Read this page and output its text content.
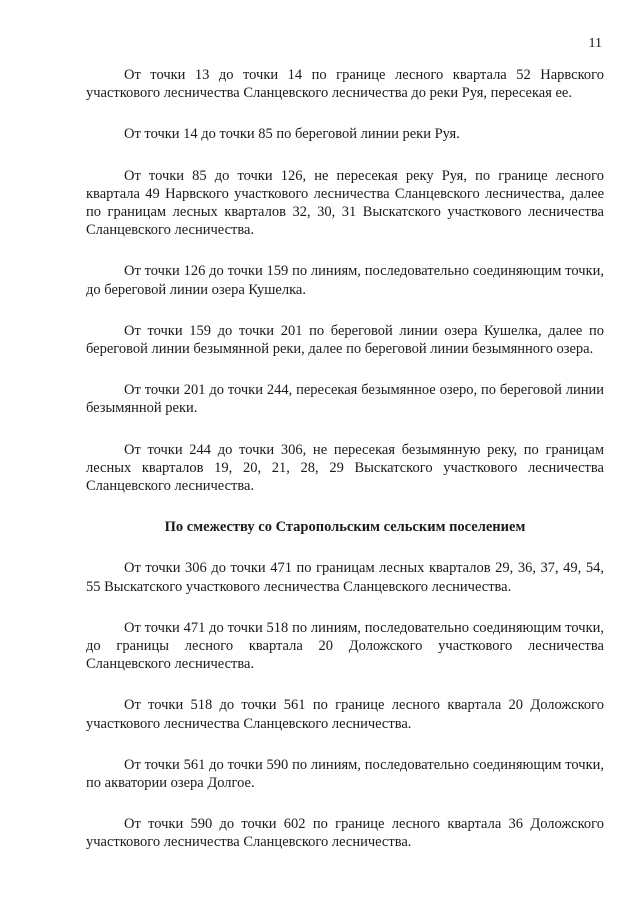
11

От точки 13 до точки 14 по границе лесного квартала 52 Нарвского участкового лесничества Сланцевского лесничества до реки Руя, пересекая ее.

От точки 14 до точки 85 по береговой линии реки Руя.

От точки 85 до точки 126, не пересекая реку Руя, по границе лесного квартала 49 Нарвского участкового лесничества Сланцевского лесничества, далее по границам лесных кварталов 32, 30, 31 Выскатского участкового лесничества Сланцевского лесничества.

От точки 126 до точки 159 по линиям, последовательно соединяющим точки, до береговой линии озера Кушелка.

От точки 159 до точки 201 по береговой линии озера Кушелка, далее по береговой линии безымянной реки, далее по береговой линии безымянного озера.

От точки 201 до точки 244, пересекая безымянное озеро, по береговой линии безымянной реки.

От точки 244 до точки 306, не пересекая безымянную реку, по границам лесных кварталов 19, 20, 21, 28, 29 Выскатского участкового лесничества Сланцевского лесничества.

По смежеству со Старопольским сельским поселением

От точки 306 до точки 471 по границам лесных кварталов 29, 36, 37, 49, 54, 55 Выскатского участкового лесничества Сланцевского лесничества.

От точки 471 до точки 518 по линиям, последовательно соединяющим точки, до границы лесного квартала 20 Доложского участкового лесничества Сланцевского лесничества.

От точки 518 до точки 561 по границе лесного квартала 20 Доложского участкового лесничества Сланцевского лесничества.

От точки 561 до точки 590 по линиям, последовательно соединяющим точки, по акватории озера Долгое.

От точки 590 до точки 602 по границе лесного квартала 36 Доложского участкового лесничества Сланцевского лесничества.
